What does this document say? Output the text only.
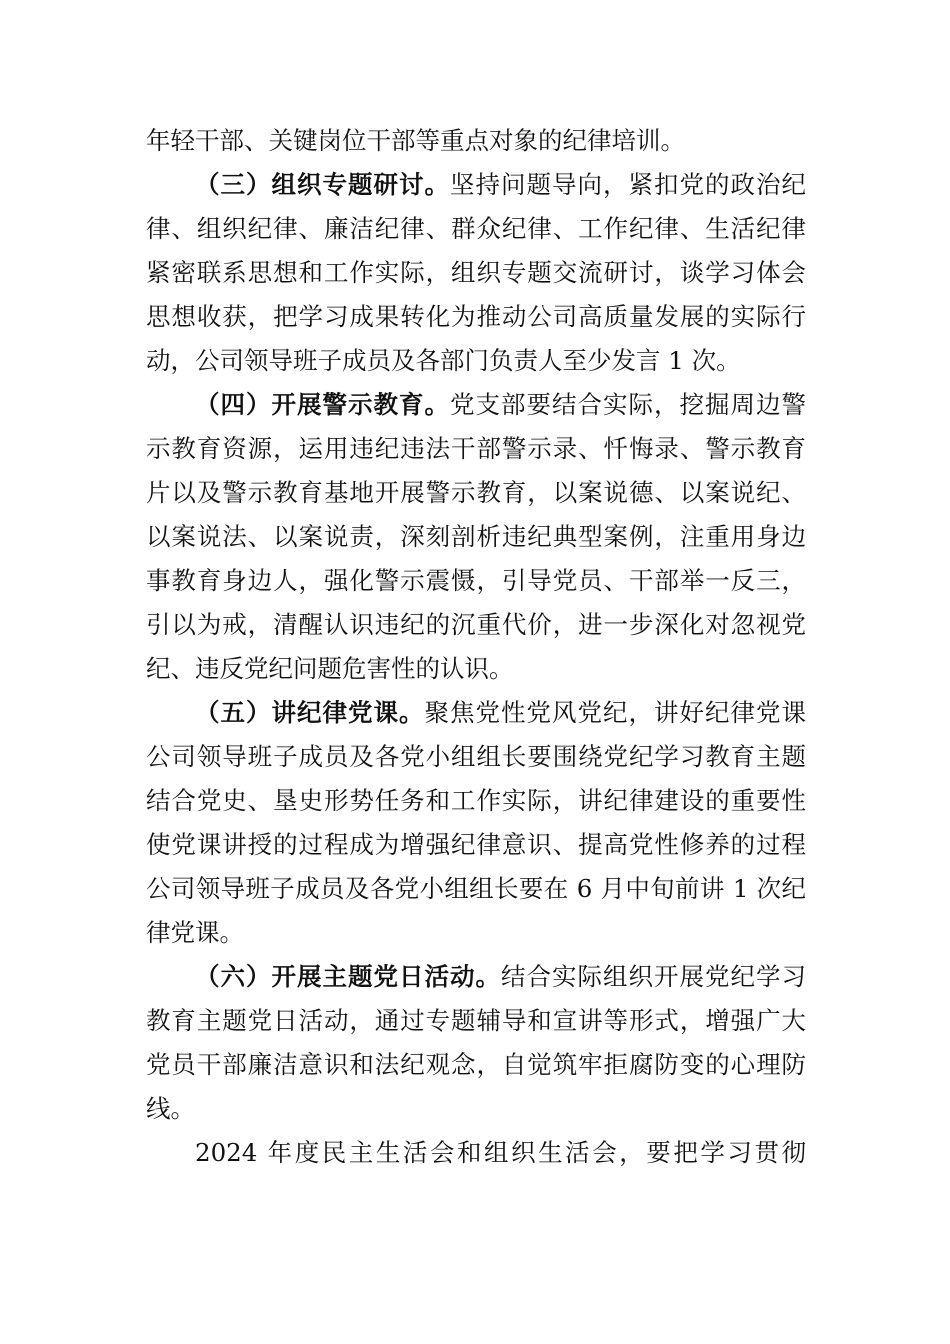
年轻干部、关键岗位干部等重点对象的纪律培训。
（三）组织专题研讨。坚持问题导向，紧扣党的政治纪
律、组织纪律、廉洁纪律、群众纪律、工作纪律、生活纪律
紧密联系思想和工作实际，组织专题交流研讨，谈学习体会
思想收获，把学习成果转化为推动公司高质量发展的实际行
动，公司领导班子成员及各部门负责人至少发言 1 次。
（四）开展警示教育。党支部要结合实际，挖掘周边警
示教育资源，运用违纪违法干部警示录、忏悔录、警示教育
片以及警示教育基地开展警示教育，以案说德、以案说纪、
以案说法、以案说责，深刻剖析违纪典型案例，注重用身边
事教育身边人，强化警示震慑，引导党员、干部举一反三，
引以为戒，清醒认识违纪的沉重代价，进一步深化对忽视党
纪、违反党纪问题危害性的认识。
（五）讲纪律党课。聚焦党性党风党纪，讲好纪律党课
公司领导班子成员及各党小组组长要围绕党纪学习教育主题
结合党史、垦史形势任务和工作实际，讲纪律建设的重要性
使党课讲授的过程成为增强纪律意识、提高党性修养的过程
公司领导班子成员及各党小组组长要在 6 月中旬前讲 1 次纪
律党课。
（六）开展主题党日活动。结合实际组织开展党纪学习
教育主题党日活动，通过专题辅导和宣讲等形式，增强广大
党员干部廉洁意识和法纪观念，自觉筑牢拒腐防变的心理防
线。
2024 年度民主生活会和组织生活会，要把学习贯彻
